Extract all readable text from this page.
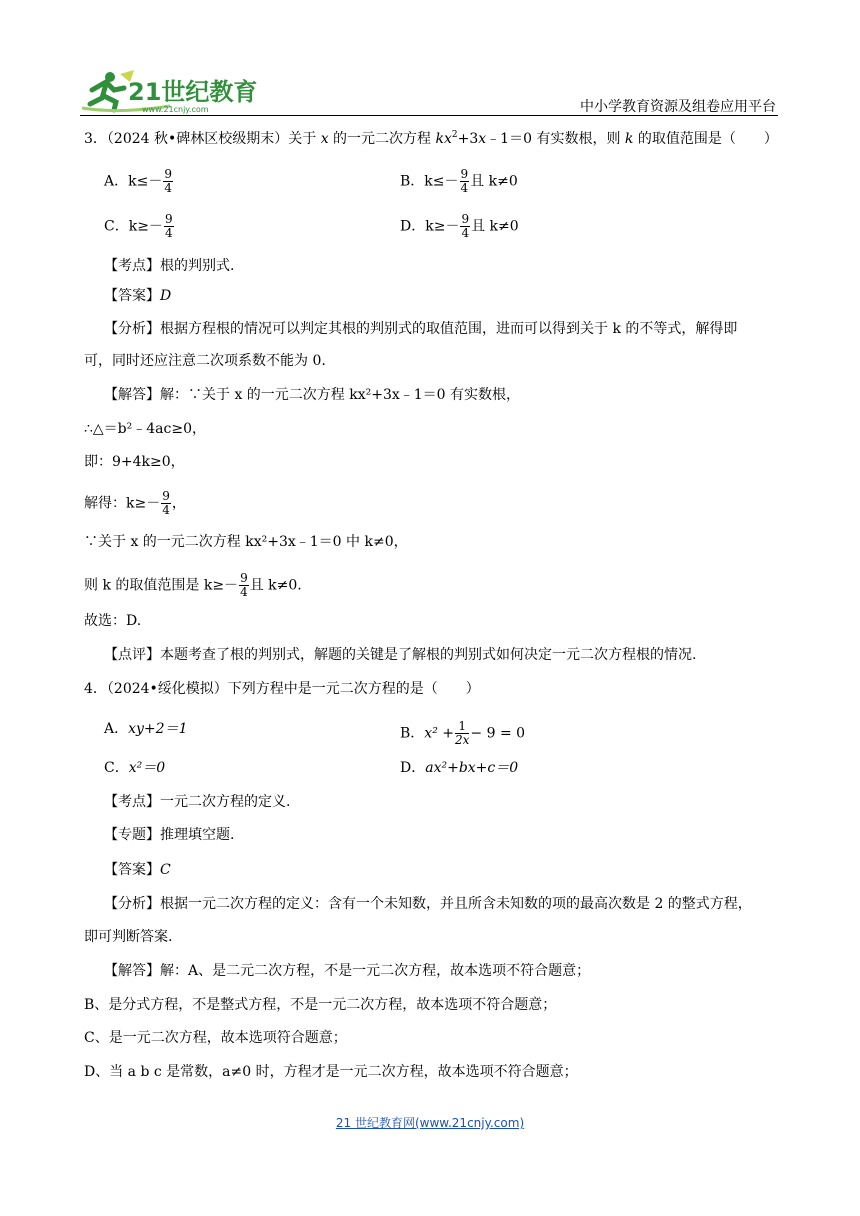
21世纪教育
www.21cnjy.com	中小学教育资源及组卷应用平台
3．（2024 秋•碑林区校级期末）关于 x 的一元二次方程 $kx^2+3x﹣1=0$ 有实数根，则 k 的取值范围是（　　）
A．$k\le- \frac{9}{4}$	B．$k\le- \frac{9}{4}$ 且 k≠0
C．$k\ge- \frac{9}{4}$	D．$k\ge- \frac{9}{4}$ 且 k≠0
【考点】根的判别式.
【答案】D
【分析】根据方程根的情况可以判定其根的判别式的取值范围，进而可以得到关于 k 的不等式，解得即
可，同时还应注意二次项系数不能为 0.
【解答】解：∵关于 x 的一元二次方程 kx²+3x﹣1＝0 有实数根，
∴△＝b²﹣4ac≥0，
即：9+4k≥0，
解得：$k\ge- \frac{9}{4}$ ，
∵关于 x 的一元二次方程 kx²+3x﹣1＝0 中 k≠0，
则 k 的取值范围是 $k\ge- \frac{9}{4}$ 且 k≠0.
故选：D.
【点评】本题考查了根的判别式，解题的关键是了解根的判别式如何决定一元二次方程根的情况.
4．（2024•绥化模拟）下列方程中是一元二次方程的是（　　）
A．xy+2＝1	B．$x^2 + \frac{1}{2x}- 9 = 0$
C．x²＝0	D．ax²+bx+c＝0
【考点】一元二次方程的定义.
【专题】推理填空题.
【答案】C
【分析】根据一元二次方程的定义：含有一个未知数，并且所含未知数的项的最高次数是 2 的整式方程，
即可判断答案.
【解答】解：A、是二元二次方程，不是一元二次方程，故本选项不符合题意；
B、是分式方程，不是整式方程，不是一元二次方程，故本选项不符合题意；
C、是一元二次方程，故本选项符合题意；
D、当 a b c 是常数，a≠0 时，方程才是一元二次方程，故本选项不符合题意；
21 世纪教育网(www.21cnjy.com)
